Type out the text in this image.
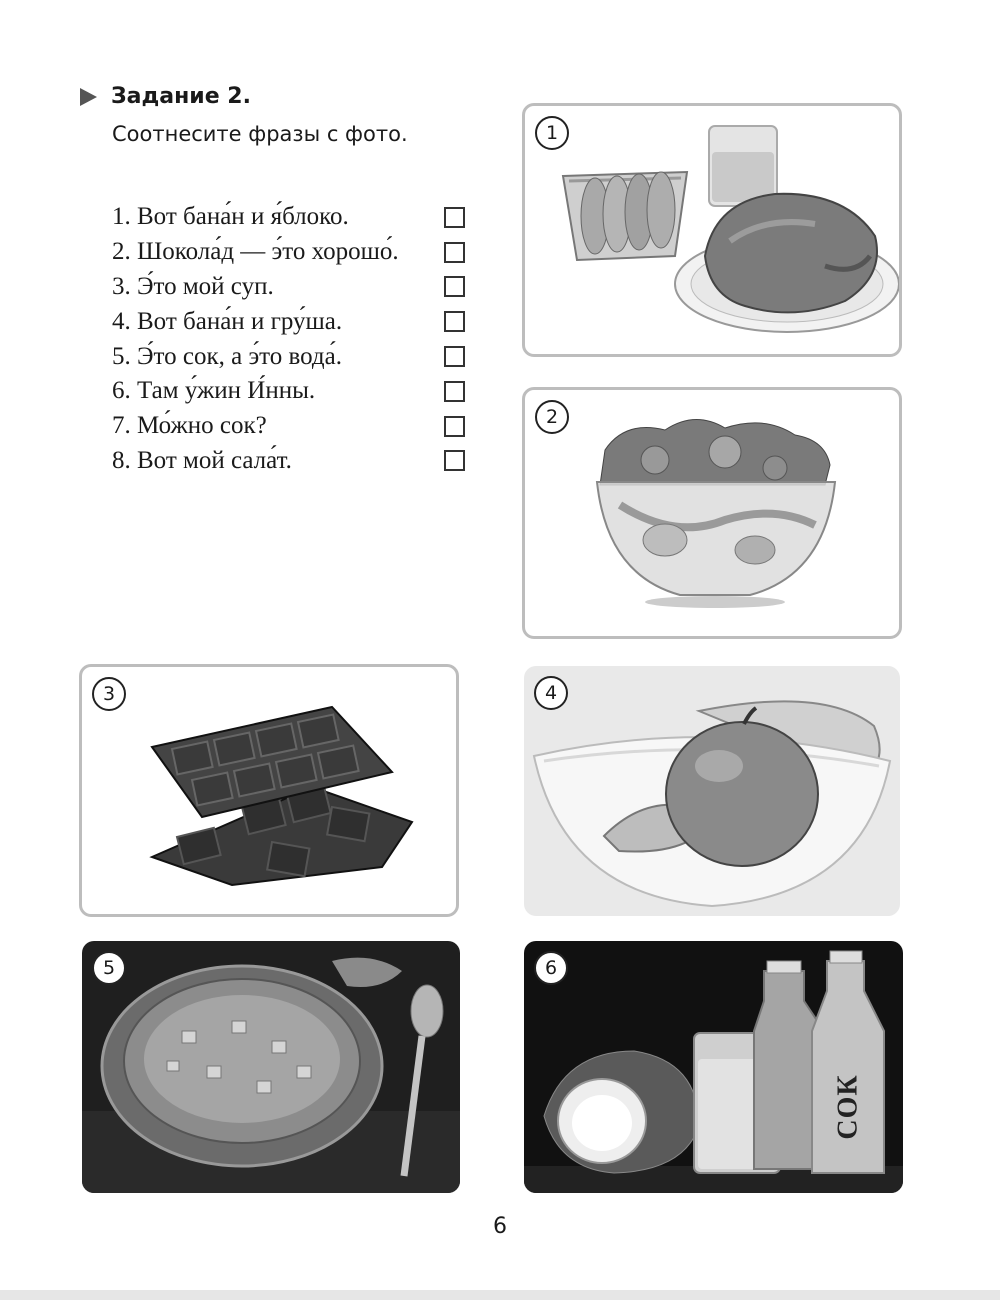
Задание 2.
Соотнесите фразы с фото.
1. Вот бана́н и я́блоко.
2. Шокола́д — э́то хорошо́.
3. Э́то мой суп.
4. Вот бана́н и гру́ша.
5. Э́то сок, а э́то вода́.
6. Там у́жин И́нны.
7. Мо́жно сок?
8. Вот мой сала́т.
1
2
3	4
5	6
СОК
6
